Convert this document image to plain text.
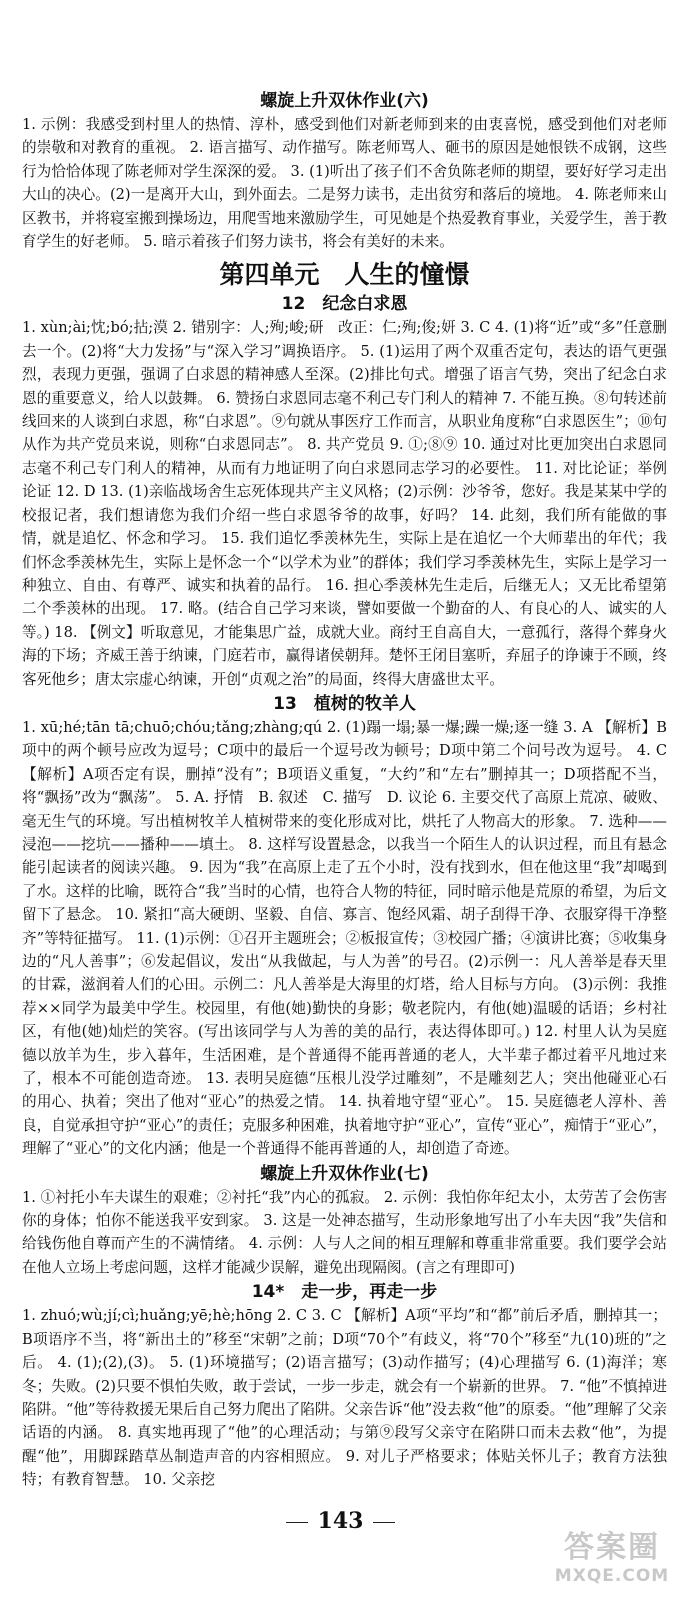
螺旋上升双休作业(六)

1. 示例：我感受到村里人的热情、淳朴，感受到他们对新老师到来的由衷喜悦，感受到他们对老师的崇敬和对教育的重视。 2. 语言描写、动作描写。陈老师骂人、砸书的原因是她恨铁不成钢，这些行为恰恰体现了陈老师对学生深深的爱。 3. (1)听出了孩子们不舍负陈老师的期望，要好好学习走出大山的决心。(2)一是离开大山，到外面去。二是努力读书，走出贫穷和落后的境地。 4. 陈老师来山区教书，并将寝室搬到操场边，用爬雪地来激励学生，可见她是个热爱教育事业，关爱学生，善于教育学生的好老师。 5. 暗示着孩子们努力读书，将会有美好的未来。

第四单元　人生的憧憬
12　纪念白求恩

1. xùn;ài;忱;bó;拈;漠 2. 错别字：人;殉;峻;研　改正：仁;殉;俊;妍 3. C 4. (1)将“近”或“多”任意删去一个。(2)将“大力发扬”与“深入学习”调换语序。 5. (1)运用了两个双重否定句，表达的语气更强烈，表现力更强，强调了白求恩的精神感人至深。(2)排比句式。增强了语言气势，突出了纪念白求恩的重要意义，给人以鼓舞。 6. 赞扬白求恩同志毫不利己专门利人的精神 7. 不能互换。⑧句转述前线回来的人谈到白求恩，称“白求恩”。⑨句就从事医疗工作而言，从职业角度称“白求恩医生”；⑩句从作为共产党员来说，则称“白求恩同志”。 8. 共产党员 9. ①;⑧⑨ 10. 通过对比更加突出白求恩同志毫不利己专门利人的精神，从而有力地证明了向白求恩同志学习的必要性。 11. 对比论证；举例论证 12. D 13. (1)亲临战场舍生忘死体现共产主义风格；(2)示例：沙爷爷，您好。我是某某中学的校报记者，我们想请您为我们介绍一些白求恩爷爷的故事，好吗？ 14. 此刻，我们所有能做的事情，就是追忆、怀念和学习。 15. 我们追忆季羡林先生，实际上是在追忆一个大师辈出的年代；我们怀念季羡林先生，实际上是怀念一个“以学术为业”的群体；我们学习季羡林先生，实际上是学习一种独立、自由、有尊严、诚实和执着的品行。 16. 担心季羡林先生走后，后继无人；又无比希望第二个季羡林的出现。 17. 略。(结合自己学习来谈，譬如要做一个勤奋的人、有良心的人、诚实的人等。) 18. 【例文】听取意见，才能集思广益，成就大业。商纣王自高自大，一意孤行，落得个葬身火海的下场；齐威王善于纳谏，门庭若市，赢得诸侯朝拜。楚怀王闭目塞听，弃屈子的诤谏于不顾，终客死他乡；唐太宗虚心纳谏，开创“贞观之治”的局面，终得大唐盛世太平。

13　植树的牧羊人

1. xū;hé;tān tā;chuō;chóu;tǎng;zhàng;qú 2. (1)蹋一塌;暴一爆;躁一燥;逐一缝 3. A 【解析】B项中的两个顿号应改为逗号；C项中的最后一个逗号改为顿号；D项中第二个问号改为逗号。 4. C 【解析】A项否定有误，删掉“没有”；B项语义重复，“大约”和“左右”删掉其一；D项搭配不当，将“飘扬”改为“飘荡”。 5. A. 抒情　B. 叙述　C. 描写　D. 议论 6. 主要交代了高原上荒凉、破败、毫无生气的环境。写出植树牧羊人植树带来的变化形成对比，烘托了人物高大的形象。 7. 选种——浸泡——挖坑——播种——填土。 8. 这样写设置悬念，以我当一个陌生人的认识过程，而且有悬念能引起读者的阅读兴趣。 9. 因为“我”在高原上走了五个小时，没有找到水，但在他这里“我”却喝到了水。这样的比喻，既符合“我”当时的心情，也符合人物的特征，同时暗示他是荒原的希望，为后文留下了悬念。 10. 紧扣“高大硬朗、坚毅、自信、寡言、饱经风霜、胡子刮得干净、衣服穿得干净整齐”等特征描写。 11. (1)示例：①召开主题班会；②板报宣传；③校园广播；④演讲比赛；⑤收集身边的“凡人善事”；⑥发起倡议，发出“从我做起，与人为善”的号召。(2)示例一：凡人善举是春天里的甘霖，滋润着人们的心田。示例二：凡人善举是大海里的灯塔，给人目标与方向。 (3)示例：我推荐××同学为最美中学生。校园里，有他(她)勤快的身影；敬老院内，有他(她)温暖的话语；乡村社区，有他(她)灿烂的笑容。(写出该同学与人为善的美的品行，表达得体即可。) 12. 村里人认为吴庭德以放羊为生，步入暮年，生活困难，是个普通得不能再普通的老人，大半辈子都过着平凡地过来了，根本不可能创造奇迹。 13. 表明吴庭德“压根儿没学过雕刻”，不是雕刻艺人；突出他碰亚心石的用心、执着；突出了他对“亚心”的热爱之情。 14. 执着地守望“亚心”。 15. 吴庭德老人淳朴、善良，自觉承担守护“亚心”的责任；克服多种困难，执着地守护“亚心”，宣传“亚心”，痴情于“亚心”，理解了“亚心”的文化内涵；他是一个普通得不能再普通的人，却创造了奇迹。

螺旋上升双休作业(七)

1. ①衬托小车夫谋生的艰难；②衬托“我”内心的孤寂。 2. 示例：我怕你年纪太小，太劳苦了会伤害你的身体；怕你不能送我平安到家。 3. 这是一处神态描写，生动形象地写出了小车夫因“我”失信和给钱伤他自尊而产生的不满情绪。 4. 示例：人与人之间的相互理解和尊重非常重要。我们要学会站在他人立场上考虑问题，这样才能减少误解，避免出现隔阂。(言之有理即可)

14*　走一步，再走一步

1. zhuó;wù;jí;cì;huǎng;yē;hè;hōng 2. C 3. C 【解析】A项“平均”和“都”前后矛盾，删掉其一；B项语序不当，将“新出土的”移至“宋朝”之前；D项“70个”有歧义，将“70个”移至“九(10)班的”之后。 4. (1);(2),(3)。 5. (1)环境描写；(2)语言描写；(3)动作描写；(4)心理描写 6. (1)海洋；寒冬；失败。(2)只要不惧怕失败，敢于尝试，一步一步走，就会有一个崭新的世界。 7. “他”不慎掉进陷阱。“他”等待救援无果后自己努力爬出了陷阱。父亲告诉“他”没去救“他”的原委。“他”理解了父亲话语的内涵。 8. 真实地再现了“他”的心理活动；与第⑨段写父亲守在陷阱口而未去救“他”，为提醒“他”，用脚踩踏草丛制造声音的内容相照应。 9. 对儿子严格要求；体贴关怀儿子；教育方法独特；有教育智慧。 10. 父亲挖

143
答案圈
MXQE.COM
